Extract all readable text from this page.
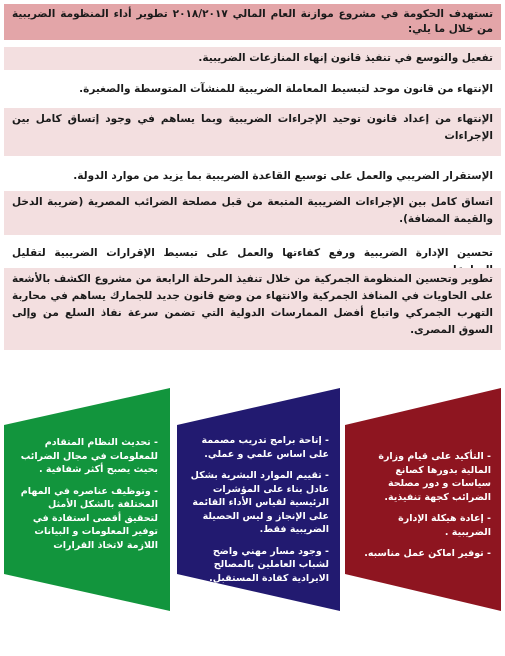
تستهدف الحكومة في مشروع موازنة العام المالي ٢٠١٨/٢٠١٧ تطوير أداء المنظومة الضريبية من خلال ما يلي:
تفعيل والتوسع في تنفيذ قانون إنهاء المنازعات الضريبية.
الإنتهاء من قانون موحد لتبسيط المعاملة الضريبية للمنشآت المتوسطة والصغيرة.
الإنتهاء من إعداد قانون توحيد الإجراءات الضريبية وبما يساهم في وجود إتساق كامل بين الإجراءات
الإستقرار الضريبي والعمل على توسيع القاعدة الضريبية بما يزيد من موارد الدولة.
اتساق كامل بين الإجراءات الضريبية المتبعة من قبل مصلحة الضرائب المصرية (ضريبة الدخل والقيمة المضافة).
تحسين الإدارة الضريبية ورفع كفاءتها والعمل على تبسيط الإقرارات الضريبية لتقليل
تطوير وتحسين المنظومة الجمركية من خلال تنفيذ المرحلة الرابعة من مشروع الكشف بالأشعة على الحاويات في المنافذ الجمركية والانتهاء من وضع قانون جديد للجمارك يساهم في محاربة التهرب الجمركي واتباع أفضل الممارسات الدولية التي تضمن سرعة نفاذ السلع من وإلى السوق المصرى.
- تحديث النظام المتقادم للمعلومات في مجال الضرائب بحيث يصبح أكثر شفافية .
- وتوظيف عناصره في المهام المختلفة بالشكل الأمثل لتحقيق أقصى استفادة في توفير المعلومات و البيانات اللازمة لاتخاذ القرارات
- إتاحة برامج تدريب مصممة على اساس علمي و عملي.
- تقييم الموارد البشرية بشكل عادل بناء على المؤشرات الرئيسية لقياس الأداء القائمة على الإنجاز و ليس الحصيلة الضريبية فقط.
- وجود مسار مهني واضح لشباب العاملين بالمصالح الايرادية كقادة المستقبل.
- التأكيد على قيام وزارة المالية بدورها كصانع سياسات و دور مصلحة الضرائب كجهة تنفيذية.
- إعادة هيكلة الإدارة الضريبية .
- توفير اماكن عمل مناسبه.
